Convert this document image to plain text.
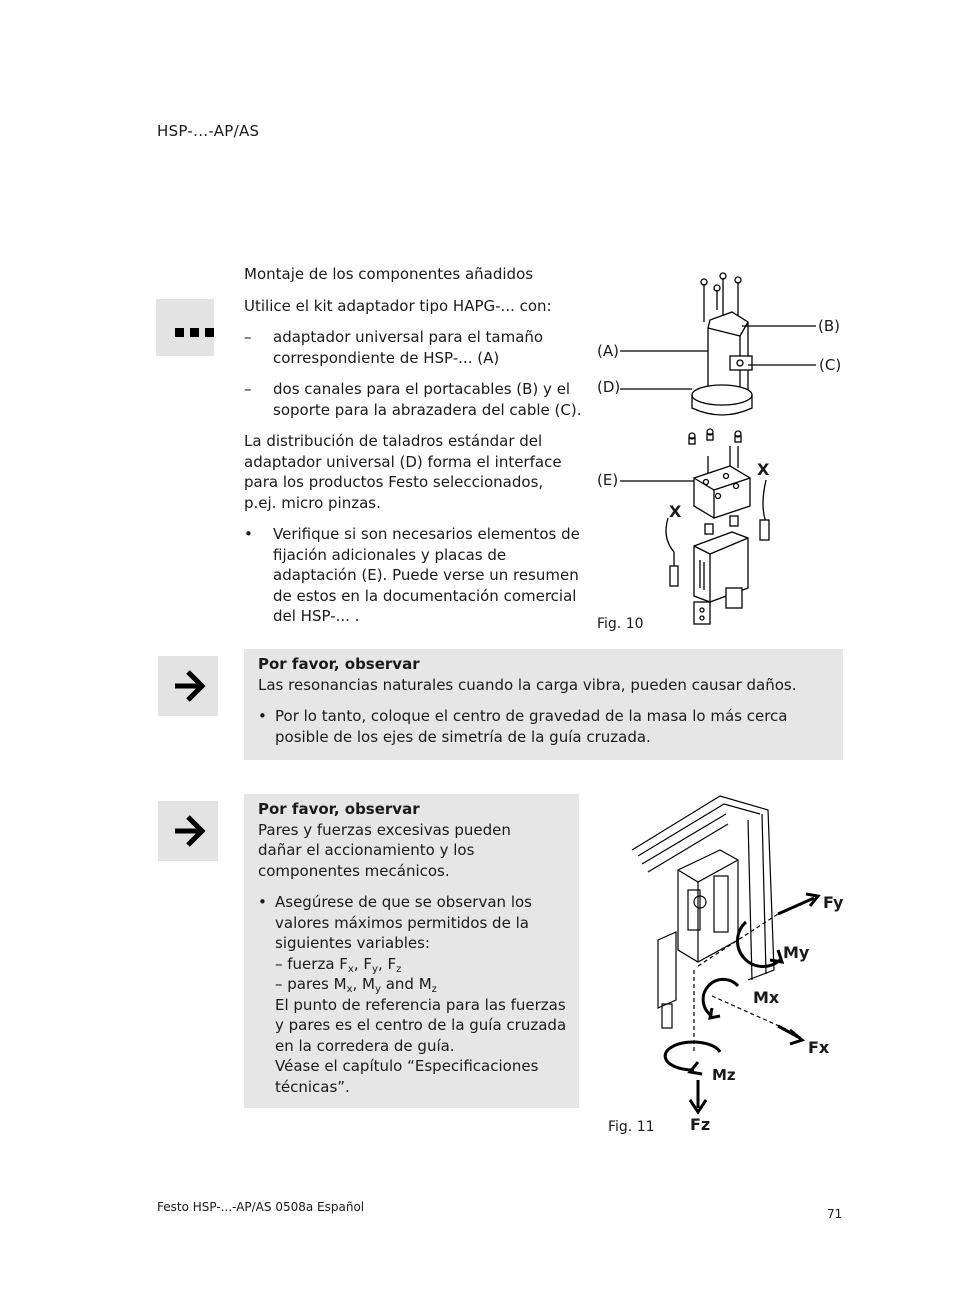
HSP-...-AP/AS

Montaje de los componentes añadidos

Utilice el kit adaptador tipo HAPG-... con:

– adaptador universal para el tamaño correspondiente de HSP-... (A)
– dos canales para el portacables (B) y el soporte para la abrazadera del cable (C).

La distribución de taladros estándar del adaptador universal (D) forma el interface para los productos Festo seleccionados, p.ej. micro pinzas.

• Verifique si son necesarios elementos de fijación adicionales y placas de adaptación (E). Puede verse un resumen de estos en la documentación comercial del HSP-... .
(A)
(B)
(C)
(D)
(E)
X
X
Fig. 10
Por favor, observar
Las resonancias naturales cuando la carga vibra, pueden causar daños.
• Por lo tanto, coloque el centro de gravedad de la masa lo más cerca posible de los ejes de simetría de la guía cruzada.
Por favor, observar
Pares y fuerzas excesivas pueden dañar el accionamiento y los componentes mecánicos.
• Asegúrese de que se observan los valores máximos permitidos de la siguientes variables:
– fuerza $F_x$, $F_y$, $F_z$
– pares $M_x$, $M_y$ and $M_z$
El punto de referencia para las fuerzas y pares es el centro de la guía cruzada en la corredera de guía.
Véase el capítulo “Especificaciones técnicas”.
Fy
My
Mx
Fx
Mz
Fz
Fig. 11
Festo HSP-...-AP/AS 0508a Español	71
